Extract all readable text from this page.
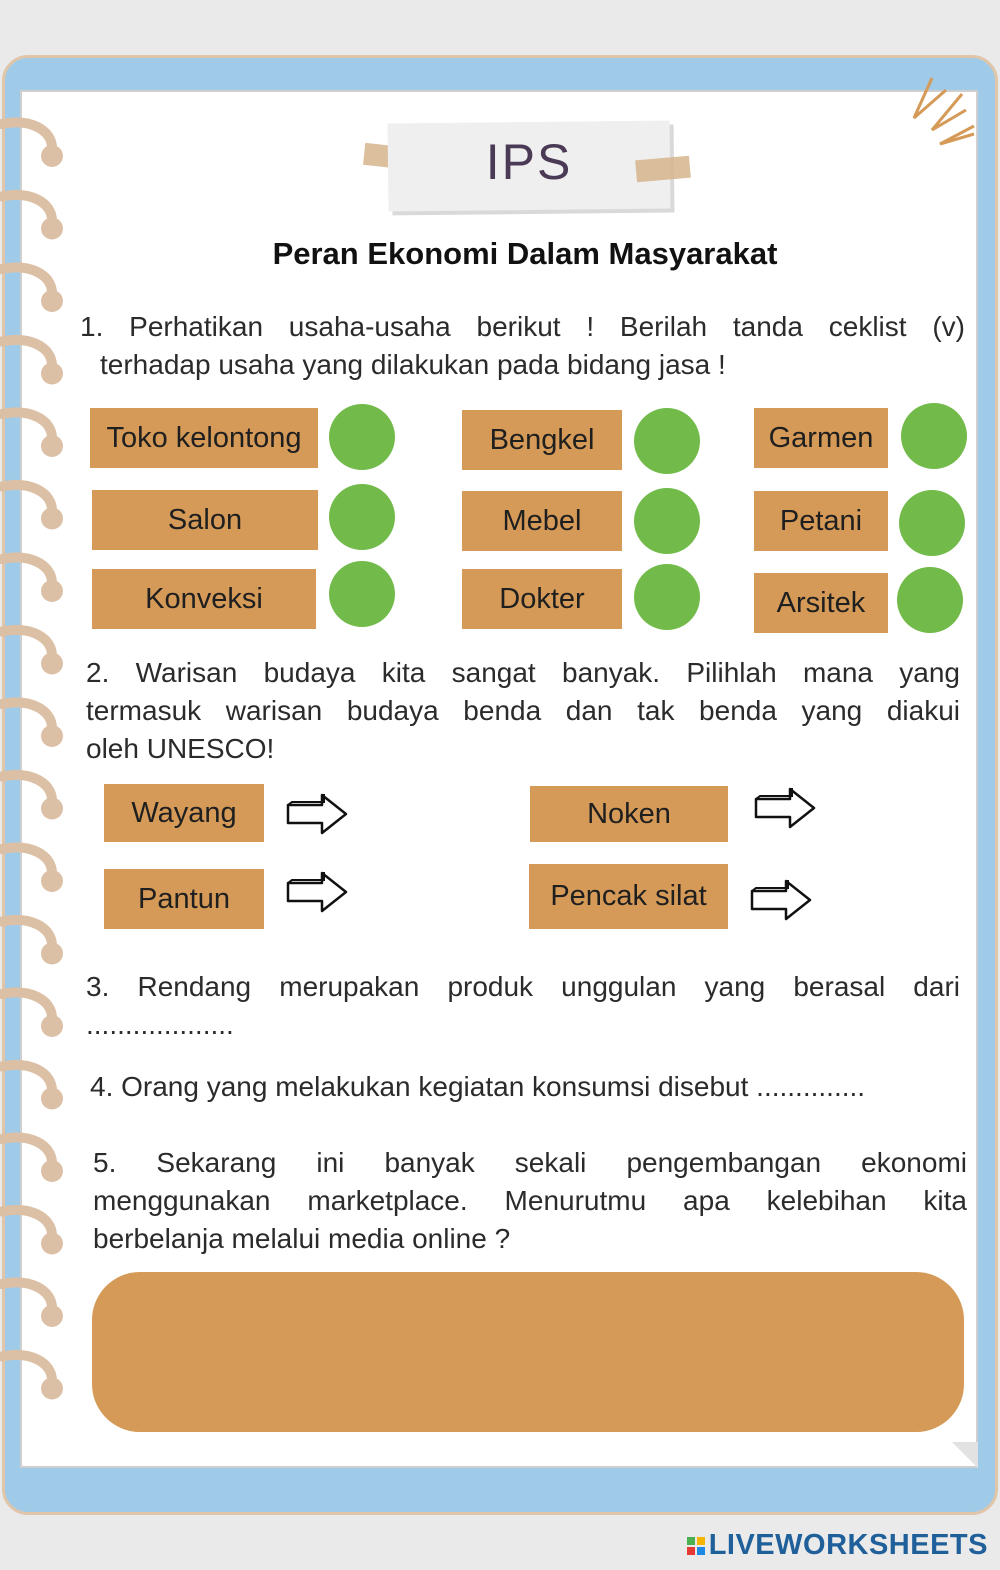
IPS
Peran Ekonomi Dalam Masyarakat
1. Perhatikan usaha-usaha berikut ! Berilah tanda ceklist (v)
terhadap usaha yang dilakukan pada bidang jasa !
Toko kelontong	Bengkel	Garmen
Salon	Mebel	Petani
Konveksi	Dokter	Arsitek
2. Warisan budaya kita sangat banyak. Pilihlah mana yang
termasuk warisan budaya benda dan tak benda yang diakui
oleh UNESCO!
Wayang	Noken
Pantun	Pencak silat
3. Rendang merupakan produk unggulan yang berasal dari
...................
4. Orang yang melakukan kegiatan konsumsi disebut ..............
5. Sekarang ini banyak sekali pengembangan ekonomi
menggunakan marketplace. Menurutmu apa kelebihan kita
berbelanja melalui media online ?
LIVEWORKSHEETS
